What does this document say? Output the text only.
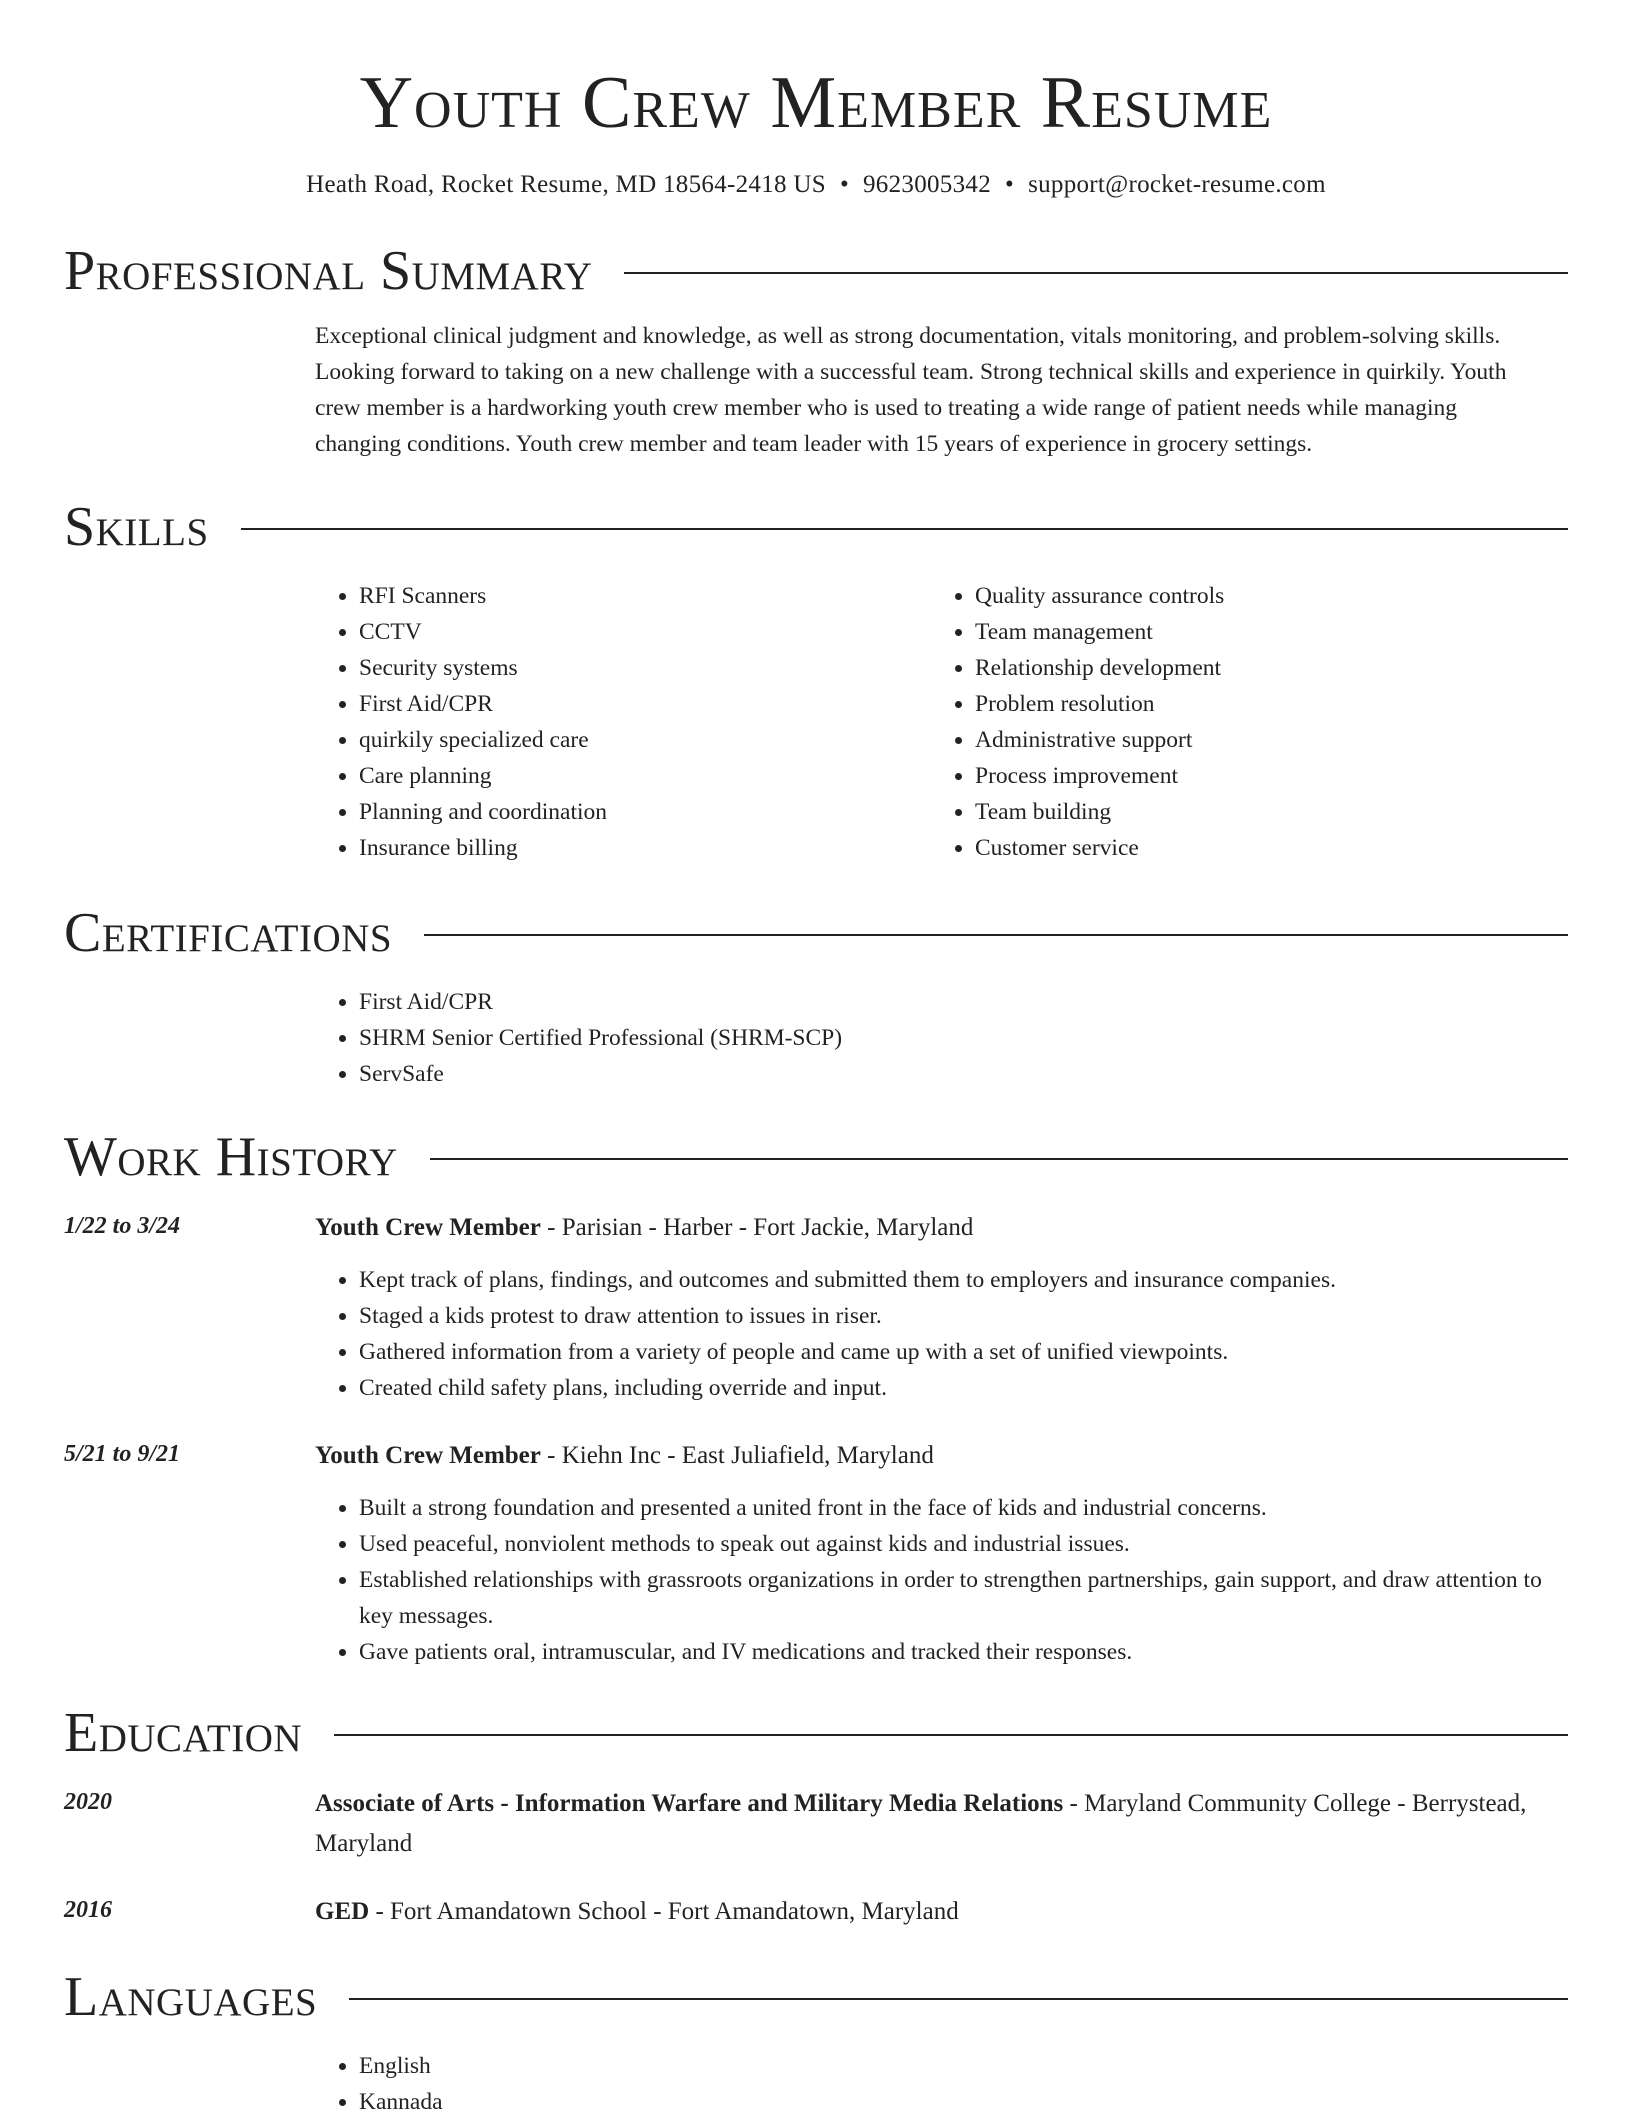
Youth Crew Member Resume
Heath Road, Rocket Resume, MD 18564-2418 US • 9623005342 • support@rocket-resume.com
Professional Summary

Exceptional clinical judgment and knowledge, as well as strong documentation, vitals monitoring, and problem-solving skills. Looking forward to taking on a new challenge with a successful team. Strong technical skills and experience in quirkily. Youth crew member is a hardworking youth crew member who is used to treating a wide range of patient needs while managing changing conditions. Youth crew member and team leader with 15 years of experience in grocery settings.

Skills
• RFI Scanners
• CCTV
• Security systems
• First Aid/CPR
• quirkily specialized care
• Care planning
• Planning and coordination
• Insurance billing
• Quality assurance controls
• Team management
• Relationship development
• Problem resolution
• Administrative support
• Process improvement
• Team building
• Customer service
Certifications
• First Aid/CPR
• SHRM Senior Certified Professional (SHRM-SCP)
• ServSafe
Work History
1/22 to 3/24	Youth Crew Member - Parisian - Harber - Fort Jackie, Maryland
• Kept track of plans, findings, and outcomes and submitted them to employers and insurance companies.
• Staged a kids protest to draw attention to issues in riser.
• Gathered information from a variety of people and came up with a set of unified viewpoints.
• Created child safety plans, including override and input.
5/21 to 9/21	Youth Crew Member - Kiehn Inc - East Juliafield, Maryland
• Built a strong foundation and presented a united front in the face of kids and industrial concerns.
• Used peaceful, nonviolent methods to speak out against kids and industrial issues.
• Established relationships with grassroots organizations in order to strengthen partnerships, gain support, and draw attention to key messages.
• Gave patients oral, intramuscular, and IV medications and tracked their responses.
Education
2020	Associate of Arts - Information Warfare and Military Media Relations - Maryland Community College - Berrystead, Maryland
2016	GED - Fort Amandatown School - Fort Amandatown, Maryland
Languages
• English
• Kannada
